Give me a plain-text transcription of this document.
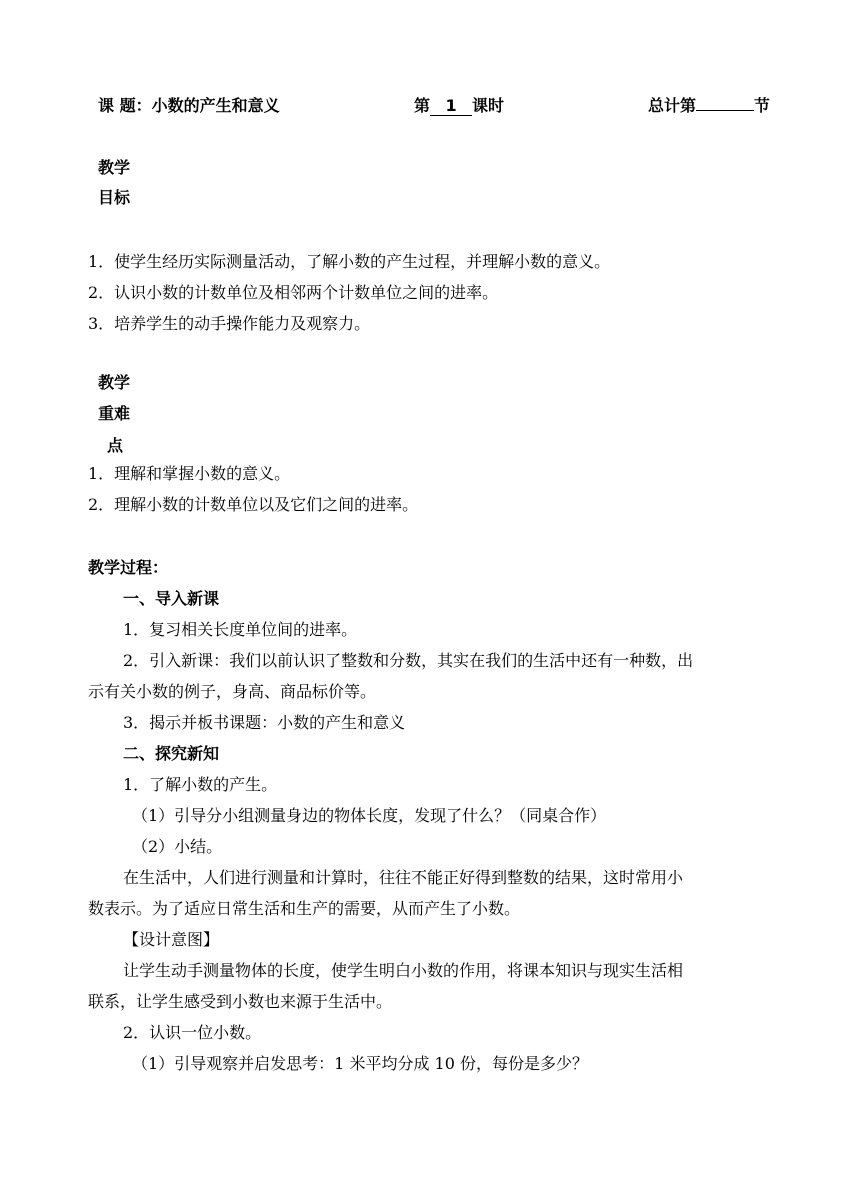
课 题：小数的产生和意义	第 1 课时	总计第	节
教学
目标
1．使学生经历实际测量活动，了解小数的产生过程，并理解小数的意义。
2．认识小数的计数单位及相邻两个计数单位之间的进率。
3．培养学生的动手操作能力及观察力。
教学
重难
点
1．理解和掌握小数的意义。
2．理解小数的计数单位以及它们之间的进率。
教学过程：
一、导入新课
1．复习相关长度单位间的进率。
2．引入新课：我们以前认识了整数和分数，其实在我们的生活中还有一种数，出
示有关小数的例子，身高、商品标价等。
3．揭示并板书课题：小数的产生和意义
二、探究新知
1．了解小数的产生。
（1）引导分小组测量身边的物体长度，发现了什么？（同桌合作）
（2）小结。
在生活中，人们进行测量和计算时，往往不能正好得到整数的结果，这时常用小
数表示。为了适应日常生活和生产的需要，从而产生了小数。
【设计意图】
让学生动手测量物体的长度，使学生明白小数的作用，将课本知识与现实生活相
联系，让学生感受到小数也来源于生活中。
2．认识一位小数。
（1）引导观察并启发思考：1 米平均分成 10 份，每份是多少？
